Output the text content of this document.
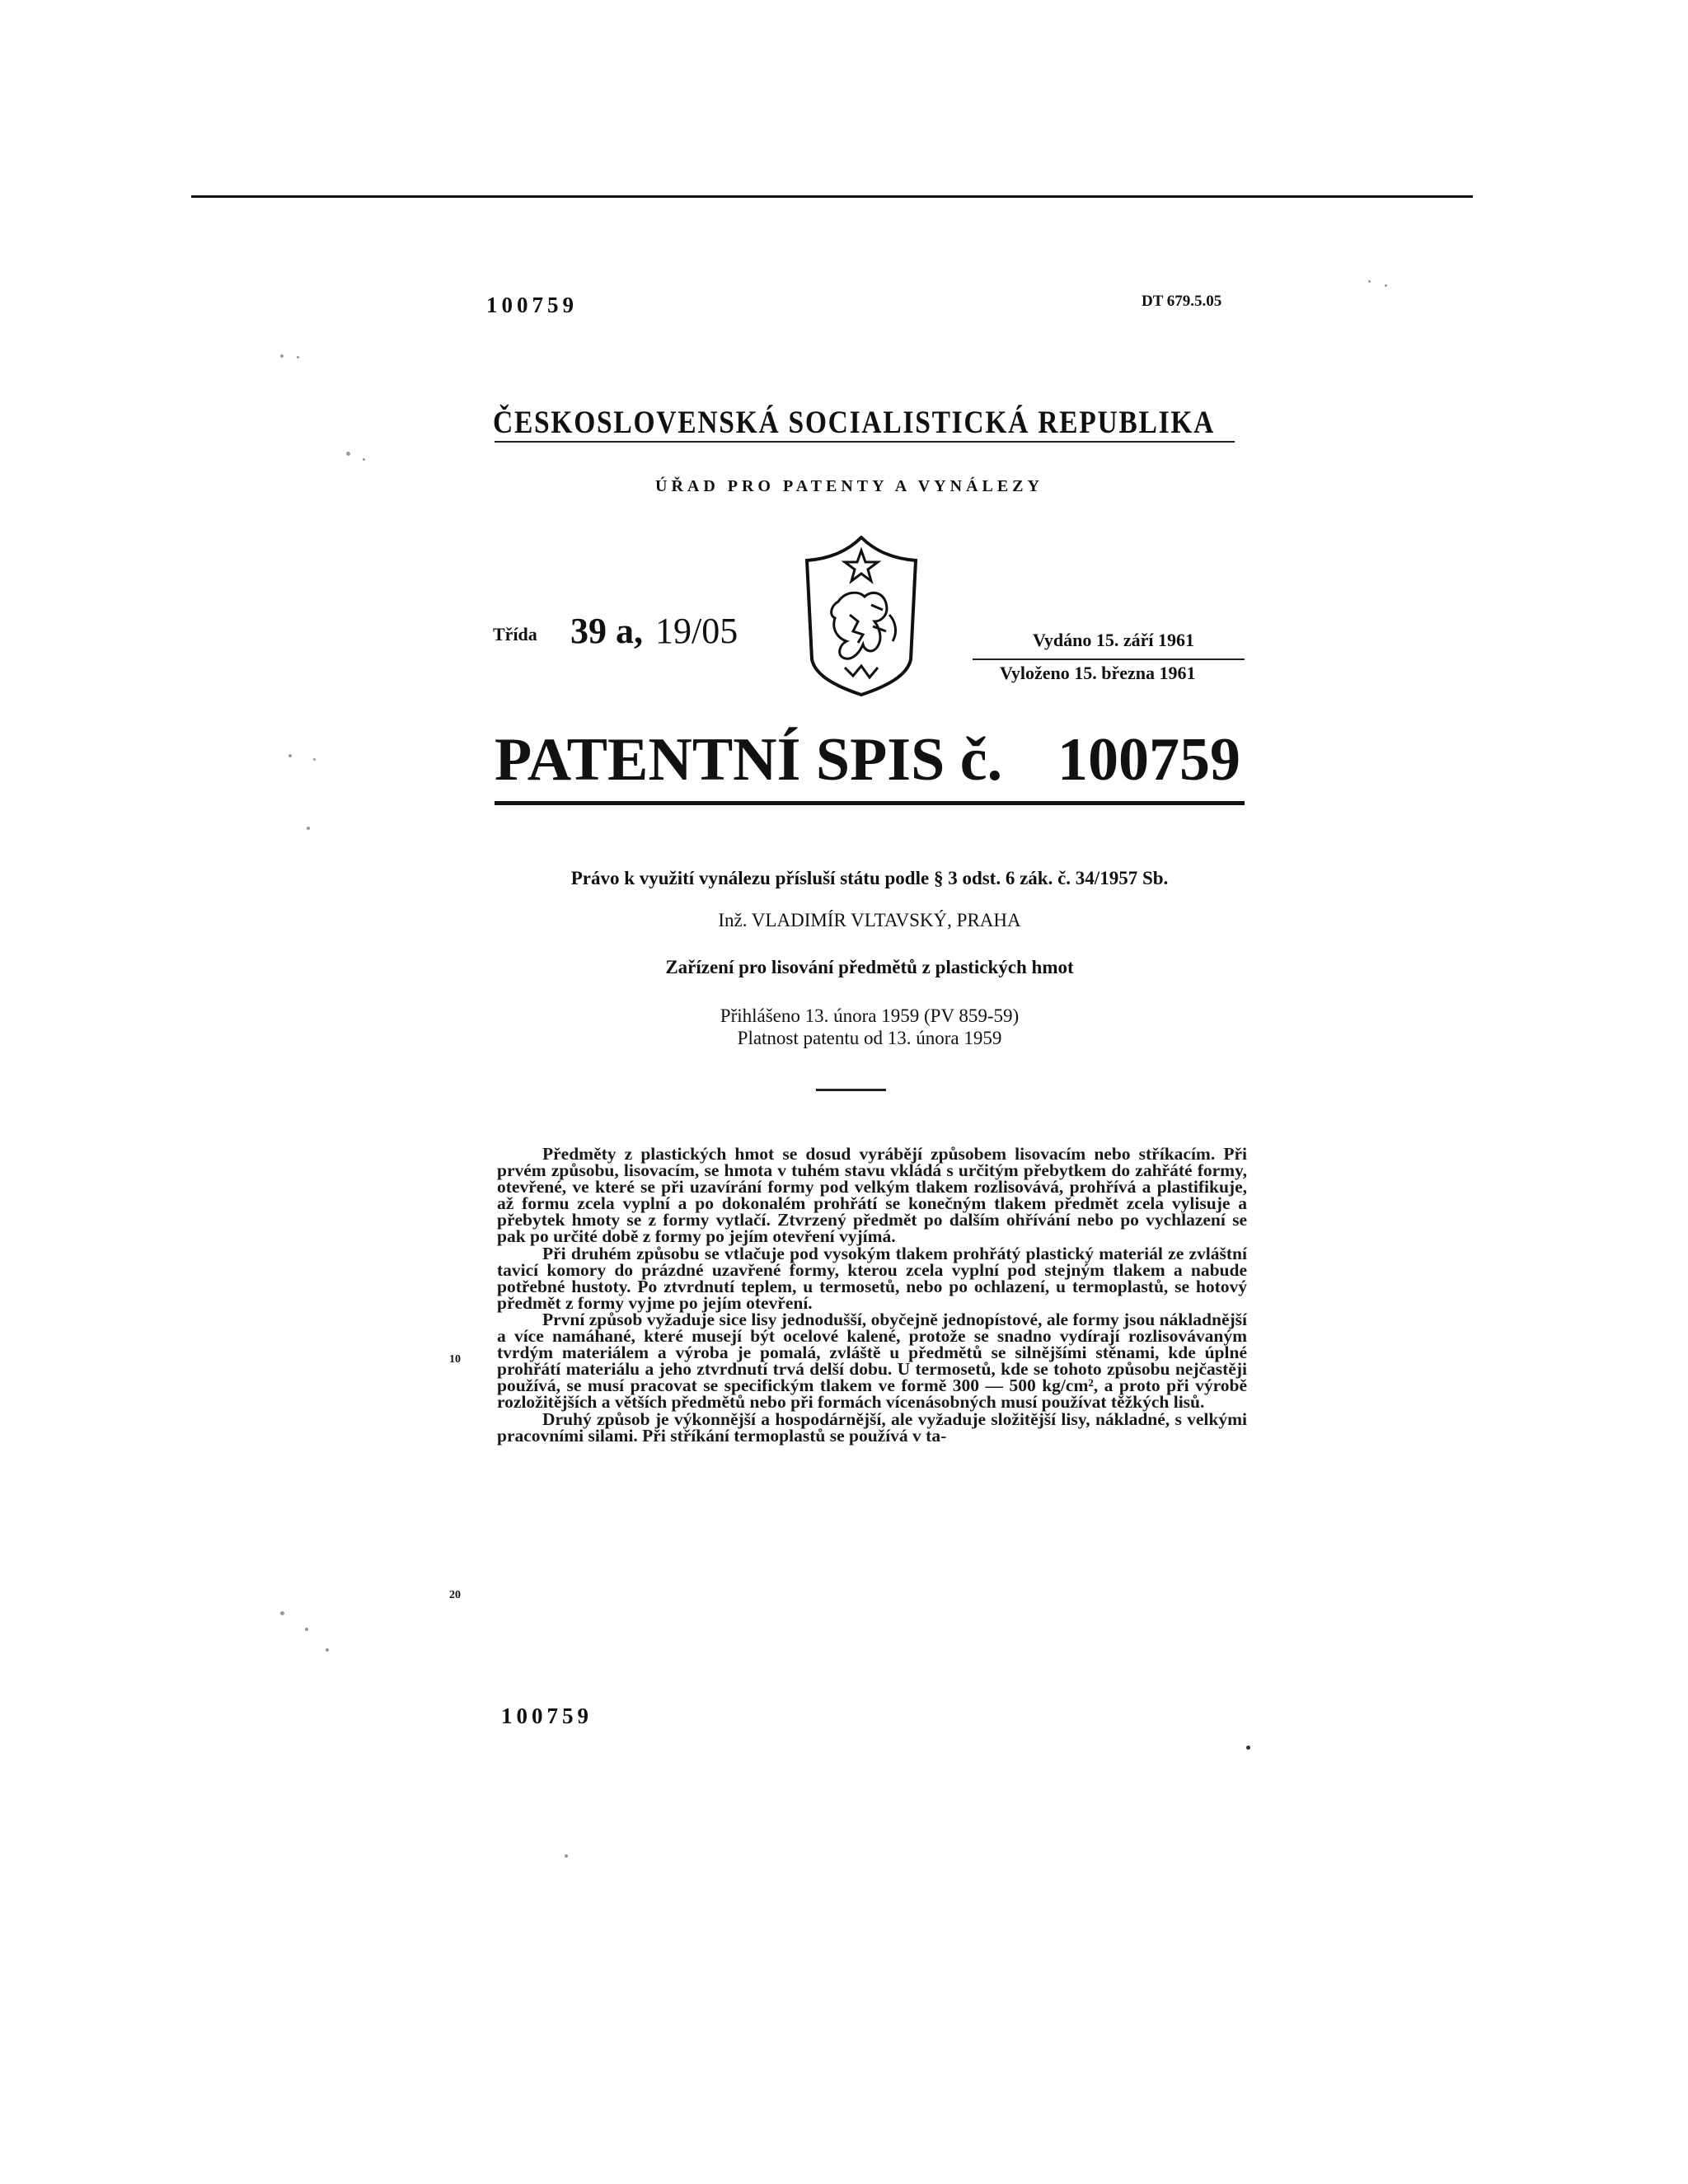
100759	DT 679.5.05
ČESKOSLOVENSKÁ SOCIALISTICKÁ REPUBLIKA
ÚŘAD PRO PATENTY A VYNÁLEZY
Třída 39 a, 19/05	Vydáno 15. září 1961
Vyloženo 15. března 1961
PATENTNÍ SPIS č. 100759
Právo k využití vynálezu přísluší státu podle § 3 odst. 6 zák. č. 34/1957 Sb.
Inž. VLADIMÍR VLTAVSKÝ, PRAHA
Zařízení pro lisování předmětů z plastických hmot
Přihlášeno 13. února 1959 (PV 859-59)
Platnost patentu od 13. února 1959

Předměty z plastických hmot se dosud vyrábějí způsobem lisovacím nebo stříkacím. Při prvém způsobu, lisovacím, se hmota v tuhém stavu vkládá s určitým přebytkem do zahřáté formy, otevřené, ve které se při uzavírání formy pod velkým tlakem rozlisovává, prohřívá a plastifikuje, až formu zcela vyplní a po dokonalém prohřátí se konečným tlakem předmět zcela vylisuje a přebytek hmoty se z formy vytlačí. Ztvrzený předmět po dalším ohřívání nebo po vychlazení se pak po určité době z formy po jejím otevření vyjímá.

Při druhém způsobu se vtlačuje pod vysokým tlakem prohřátý plastický materiál ze zvláštní tavicí komory do prázdné uzavřené formy, kterou zcela vyplní pod stejným tlakem a nabude potřebné hustoty. Po ztvrdnutí teplem, u termosetů, nebo po ochlazení, u termoplastů, se hotový předmět z formy vyjme po jejím otevření.

První způsob vyžaduje sice lisy jednodušší, obyčejně jednopístové, ale formy jsou nákladnější a více namáhané, které musejí být ocelové kalené, protože se snadno vydírají rozlisovávaným tvrdým materiálem a výroba je pomalá, zvláště u předmětů se silnějšími stěnami, kde úplné prohřátí materiálu a jeho ztvrdnutí trvá delší dobu. U termosetů, kde se tohoto způsobu nejčastěji používá, se musí pracovat se specifickým tlakem ve formě 300 — 500 kg/cm², a proto při výrobě rozložitějších a větších předmětů nebo při formách vícenásobných musí používat těžkých lisů.

Druhý způsob je výkonnější a hospodárnější, ale vyžaduje složitější lisy, nákladné, s velkými pracovními silami. Při stříkání termoplastů se používá v ta-

10
20
100759
